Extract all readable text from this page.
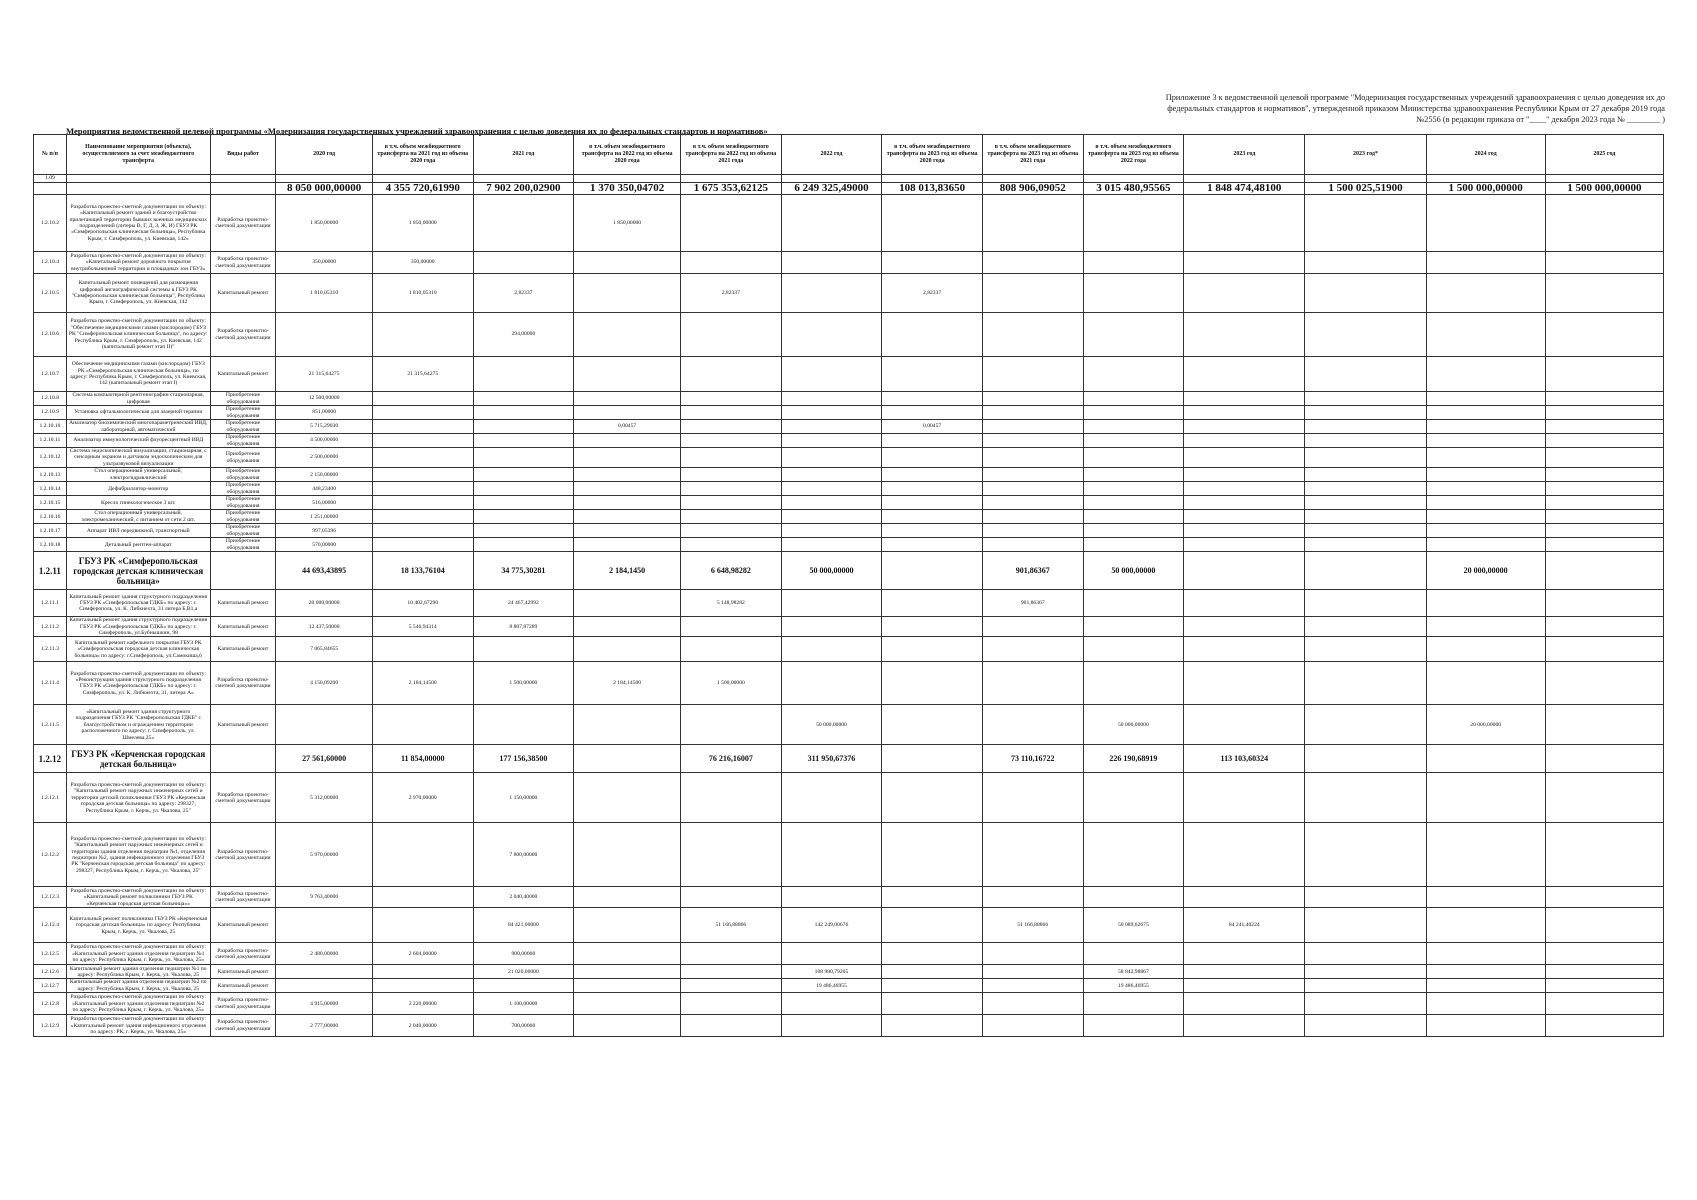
Приложение 3 к ведомственной целевой программе "Модернизация государственных учреждений здравоохранения с целью доведения их до федеральных стандартов и нормативов", утвержденной приказом Министерства здравоохранения Республики Крым от 27 декабря 2019 года №2556 (в редакции приказа от "____" декабря 2023 года № ________ )
Мероприятия ведомственной целевой программы «Модернизация государственных учреждений здравоохранения с целью доведения их до федеральных стандартов и нормативов»
№ п/п	Наименование мероприятия (объекта), осуществляемого за счет межбюджетного трансферта	Виды работ	2020 год	в т.ч. объем межбюджетного трансферта на 2021 год из объема 2020 года	2021 год	в т.ч. объем межбюджетного трансферта на 2022 год из объема 2020 года	в т.ч. объем межбюджетного трансферта на 2022 год из объема 2021 года	2022 год	в т.ч. объем межбюджетного трансферта на 2023 год из объема 2020 года	в т.ч. объем межбюджетного трансферта на 2023 год из объема 2021 года	в т.ч. объем межбюджетного трансферта на 2023 год из объема 2022 года	2023 год	2023 год*	2024 год	2025 год
1.09															
			8 050 000,00000	4 355 720,61990	7 902 200,02900	1 370 350,04702	1 675 353,62125	6 249 325,49000	108 013,83650	808 906,09052	3 015 480,95565	1 848 474,48100	1 500 025,51900	1 500 000,00000	1 500 000,00000
1.2.10.2	Разработка проектно-сметной документации по объекту: «Капитальный ремонт зданий и благоустройство прилегающей территории бывших военных медицинских подразделений (литеры В, Г, Д, З, Ж, И) ГБУЗ РК «Симферопольская клиническая больница», Республика Крым, г. Симферополь, ул. Киевская, 142»	Разработка проектно-сметной документации	1 850,00000	1 850,00000		1 850,00000									
1.2.10.4	Разработка проектно-сметной документации по объекту: «Капитальный ремонт дорожного покрытия внутрибольничной территории и площадных зон ГБУЗ»	Разработка проектно-сметной документации	350,00000	350,00000											
1.2.10.5	Капитальный ремонт помещений для размещения цифровой ангиографической системы в ГБУЗ РК "Симферопольская клиническая больница", Республика Крым, г. Симферополь, ул. Киевская, 142	Капитальный ремонт	1 810,05310	1 810,05310	2,82337		2,82337		2,82337						
1.2.10.6	Разработка проектно-сметной документации по объекту: "Обеспечение медицинскими газами (кислородом) ГБУЗ РК "Симферопольская клиническая больница", по адресу: Республика Крым, г. Симферополь, ул. Киевская, 142 (капитальный ремонт этап II)"	Разработка проектно-сметной документации			294,00000										
1.2.10.7	Обеспечение медицинскими газами (кислородом) ГБУЗ РК «Симферопольская клиническая больница», по адресу: Республика Крым, г. Симферополь, ул. Киевская, 142 (капитальный ремонт этап I)	Капитальный ремонт	21 315,64275	21 315,64275											
1.2.10.8	Система компьютерной рентгенографии стационарная, цифровая	Приобретение оборудования	12 500,00000												
1.2.10.9	Установка офтальмологическая для лазерной терапии	Приобретение оборудования	851,00000												
1.2.10.10	Анализатор биохимический многопараметрический ИВД, лабораторный, автоматический	Приобретение оборудования	5 715,29030			0,00457			0,00457						
1.2.10.11	Анализатор иммунологический флуоресцентный ИВД	Приобретение оборудования	4 500,00000												
1.2.10.12	Система эндоскопической визуализации, стационарная, с сенсорным экраном и датчиком эндоскопическим для ультразвуковой визуализации	Приобретение оборудования	2 500,00000												
1.2.10.13	Стол операционный универсальный, электрогидравлический	Приобретение оборудования	2 150,00000												
1.2.10.14	Дефибриллятор-монитор	Приобретение оборудования	448,23400												
1.2.10.15	Кресло гинекологическое 3 шт.	Приобретение оборудования	516,00000												
1.2.10.16	Стол операционный универсальный, электромеханический, с питанием от сети 2 шт.	Приобретение оборудования	1 251,00000												
1.2.10.17	Аппарат ИВЛ передвижной, транспортный	Приобретение оборудования	997,05396												
1.2.10.18	Детальный рентген-аппарат	Приобретение оборудования	570,00000												
1.2.11	ГБУЗ РК «Симферопольская городская детская клиническая больница»		44 693,43895	18 133,76104	34 775,30281	2 184,1450	6 648,98282	50 000,00000		901,86367	50 000,00000			20 000,00000	
1.2.11.1	Капитальный ремонт здания структурного подразделения ГБУЗ РК «Симферопольская ГДКБ» по адресу: г. Симферополь, ул. К. Либкнехта, 31 литера Б,В1,а	Капитальный ремонт	20 000,00000	10 402,67290	24 467,42992		5 148,98282			901,86367					
1.2.11.2	Капитальный ремонт здания структурного подразделения ГБУЗ РК «Симферопольская ГДКБ» по адресу: г. Симферополь, ул.Бубнышкин, 98	Капитальный ремонт	12 437,50000	5 546,94314	8 807,87289										
1.2.11.3	Капитальный ремонт кафельного покрытия ГБУЗ РК «Симферопольская городская детская клиническая больница» по адресу: г.Симферополь, ул.Самокиша,6	Капитальный ремонт	7 065,84655												
1.2.11.4	Разработка проектно-сметной документации по объекту: «Реконструкция здания структурного подразделения ГБУЗ РК «Симферопольская ГДКБ» по адресу: г. Симферополь, ул. К. Либкнехта, 31, литера А»	Разработка проектно-сметной документации	4 150,09200	2 184,14500	1 500,00000	2 184,14500	1 500,00000								
1.2.11.5	«Капитальный ремонт здания структурного подразделения ГБУЗ РК "Симферопольская ГДКБ" с благоустройством и ограждением территории расположенного по адресу: г. Симферополь, ул. Шмелева,25»	Капитальный ремонт						50 000,00000			50 000,00000			20 000,00000	
1.2.12	ГБУЗ РК «Керченская городская детская больница»		27 561,60000	11 854,00000	177 156,38500		76 216,16007	311 950,67376		73 110,16722	226 190,68919	113 103,60324			
1.2.12.1	Разработка проектно-сметной документации по объекту: "Капитальный ремонт наружных инженерных сетей и территории детской поликлиники ГБУЗ РК «Керченская городская детская больница» по адресу: 298327, Республика Крым, г. Керчь, ул. Чкалова, 25"	Разработка проектно-сметной документации	5 312,00000	2 970,00000	1 150,00000										
1.2.12.2	Разработка проектно-сметной документации по объекту: "Капитальный ремонт наружных инженерных сетей и территории здания отделения педиатрии №1, отделения педиатрии №2, здания инфекционного отделения ГБУЗ РК "Керченская городская детская больница" по адресу: 298327, Республика Крым, г. Керчь, ул. Чкалова, 25"	Разработка проектно-сметной документации	5 970,00000		7 800,00000										
1.2.12.3	Разработка проектно-сметной документации по объекту: «Капитальный ремонт поликлиники ГБУЗ РК «Керченская городская детская больница»»	Разработка проектно-сметной документации	9 763,40000		2 040,40000										
1.2.12.4	Капитальный ремонт поликлиники ГБУЗ РК «Керченская городская детская больница» по адресу: Республика Крым, г. Керчь, ул. Чкалова, 25	Капитальный ремонт			84 421,00000		51 166,88866	142 249,00676		51 166,88866	50 089,02675	84 241,40224			
1.2.12.5	Разработка проектно-сметной документации по объекту: «Капитальный ремонт здания отделения педиатрии №1 по адресу: Республика Крым, г. Керчь, ул. Чкалова, 25»	Разработка проектно-сметной документации	2 480,00000	2 604,00000	900,00000										
1.2.12.6	Капитальный ремонт здания отделения педиатрии №1 по адресу: Республика Крым, г. Керчь, ул. Чкалова, 25	Капитальный ремонт			21 020,00000			108 980,79205			58 842,98867				
1.2.12.7	Капитальный ремонт здания отделения педиатрии №2 по адресу: Республика Крым, г. Керчь, ул. Чкалова, 25	Капитальный ремонт						19 486,46955			19 486,46955				
1.2.12.8	Разработка проектно-сметной документации по объекту: «Капитальный ремонт здания отделения педиатрии №2 по адресу: Республика Крым, г. Керчь, ул. Чкалова, 25»	Разработка проектно-сметной документации	4 915,00000	3 220,00000	1 100,00000										
1.2.12.9	Разработка проектно-сметной документации по объекту: «Капитальный ремонт здания инфекционного отделения по адресу: РК, г. Керчь, ул. Чкалова, 25»	Разработка проектно-сметной документации	2 777,00000	2 040,00000	700,00000										
